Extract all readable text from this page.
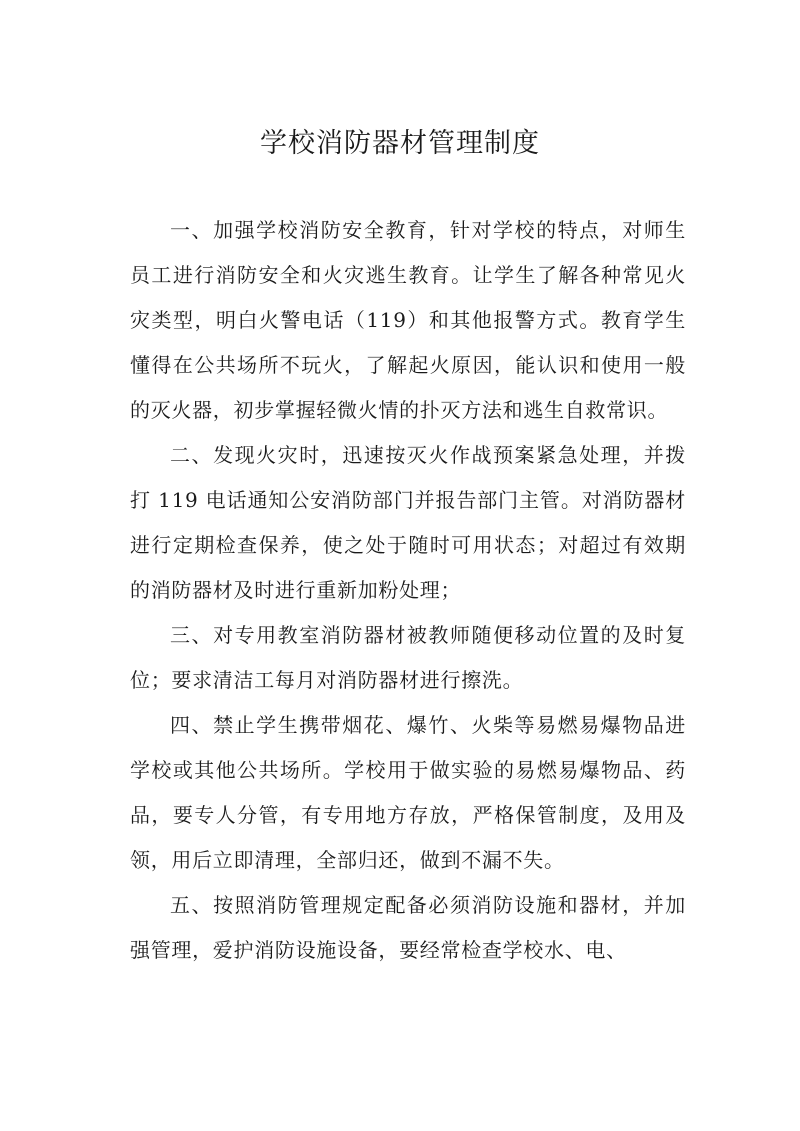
学校消防器材管理制度

一、加强学校消防安全教育，针对学校的特点，对师生员工进行消防安全和火灾逃生教育。让学生了解各种常见火灾类型，明白火警电话（119）和其他报警方式。教育学生懂得在公共场所不玩火，了解起火原因，能认识和使用一般的灭火器，初步掌握轻微火情的扑灭方法和逃生自救常识。

二、发现火灾时，迅速按灭火作战预案紧急处理，并拨打 119 电话通知公安消防部门并报告部门主管。对消防器材进行定期检查保养，使之处于随时可用状态；对超过有效期的消防器材及时进行重新加粉处理；

三、对专用教室消防器材被教师随便移动位置的及时复位；要求清洁工每月对消防器材进行擦洗。

四、禁止学生携带烟花、爆竹、火柴等易燃易爆物品进学校或其他公共场所。学校用于做实验的易燃易爆物品、药品，要专人分管，有专用地方存放，严格保管制度，及用及领，用后立即清理，全部归还，做到不漏不失。

五、按照消防管理规定配备必须消防设施和器材，并加强管理，爱护消防设施设备，要经常检查学校水、电、
